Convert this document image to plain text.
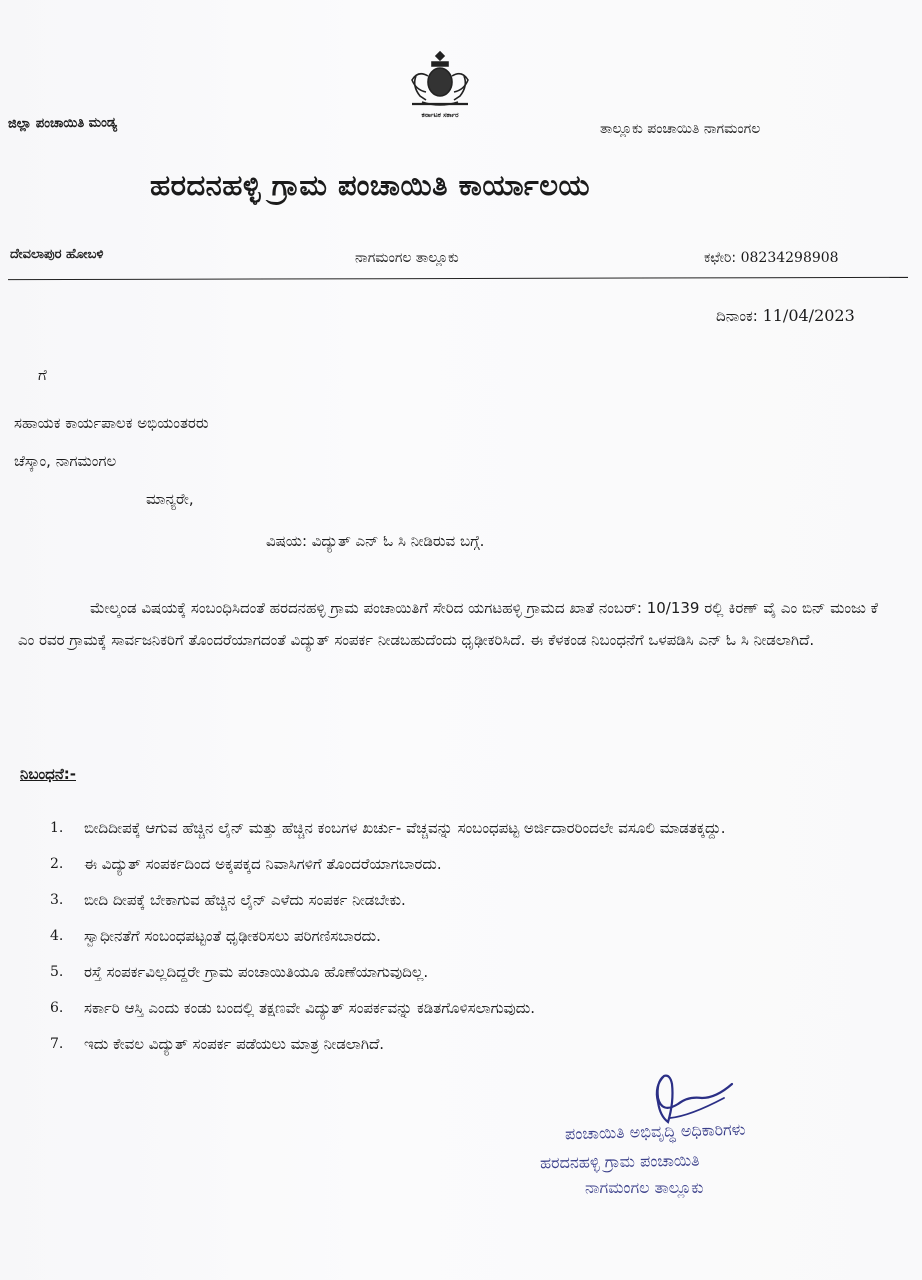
ಕರ್ನಾಟಕ ಸರ್ಕಾರ
ಜಿಲ್ಲಾ ಪಂಚಾಯಿತಿ ಮಂಡ್ಯ	ತಾಲ್ಲೂಕು ಪಂಚಾಯಿತಿ ನಾಗಮಂಗಲ
ಹರದನಹಳ್ಳಿ ಗ್ರಾಮ ಪಂಚಾಯಿತಿ ಕಾರ್ಯಾಲಯ
ದೇವಲಾಪುರ ಹೋಬಳಿ	ನಾಗಮಂಗಲ ತಾಲ್ಲೂಕು	ಕಛೇರಿ: 08234298908
ದಿನಾಂಕ: 11/04/2023
ಗೆ
ಸಹಾಯಕ ಕಾರ್ಯಪಾಲಕ ಅಭಿಯಂತರರು
ಚೆಸ್ಕಾಂ, ನಾಗಮಂಗಲ
ಮಾನ್ಯರೇ,
ವಿಷಯ: ವಿದ್ಯುತ್ ಎನ್ ಓ ಸಿ ನೀಡಿರುವ ಬಗ್ಗೆ.
ಮೇಲ್ಕಂಡ ವಿಷಯಕ್ಕೆ ಸಂಬಂಧಿಸಿದಂತೆ ಹರದನಹಳ್ಳಿ ಗ್ರಾಮ ಪಂಚಾಯಿತಿಗೆ ಸೇರಿದ ಯಗಟಹಳ್ಳಿ ಗ್ರಾಮದ ಖಾತೆ ನಂಬರ್: 10/139 ರಲ್ಲಿ ಕಿರಣ್ ವೈ ಎಂ ಬಿನ್ ಮಂಜು ಕೆ ಎಂ ರವರ ಗ್ರಾಮಕ್ಕೆ ಸಾರ್ವಜನಿಕರಿಗೆ ತೊಂದರೆಯಾಗದಂತೆ ವಿದ್ಯುತ್ ಸಂಪರ್ಕ ನೀಡಬಹುದೆಂದು ಧೃಢೀಕರಿಸಿದೆ. ಈ ಕೆಳಕಂಡ ನಿಬಂಧನೆಗೆ ಒಳಪಡಿಸಿ ಎನ್ ಓ ಸಿ ನೀಡಲಾಗಿದೆ.
ನಿಬಂಧನೆ:-
1.	ಬೀದಿದೀಪಕ್ಕೆ ಆಗುವ ಹೆಚ್ಚಿನ ಲೈನ್ ಮತ್ತು ಹೆಚ್ಚಿನ ಕಂಬಗಳ ಖರ್ಚು- ವೆಚ್ಚವನ್ನು ಸಂಬಂಧಪಟ್ಟ ಅರ್ಜಿದಾರರಿಂದಲೇ ವಸೂಲಿ ಮಾಡತಕ್ಕದ್ದು.
2.	ಈ ವಿದ್ಯುತ್ ಸಂಪರ್ಕದಿಂದ ಅಕ್ಕಪಕ್ಕದ ನಿವಾಸಿಗಳಿಗೆ ತೊಂದರೆಯಾಗಬಾರದು.
3.	ಬೀದಿ ದೀಪಕ್ಕೆ ಬೇಕಾಗುವ ಹೆಚ್ಚಿನ ಲೈನ್ ಎಳೆದು ಸಂಪರ್ಕ ನೀಡಬೇಕು.
4.	ಸ್ವಾಧೀನತೆಗೆ ಸಂಬಂಧಪಟ್ಟಂತೆ ಧೃಢೀಕರಿಸಲು ಪರಿಗಣಿಸಬಾರದು.
5.	ರಸ್ತೆ ಸಂಪರ್ಕವಿಲ್ಲದಿದ್ದರೇ ಗ್ರಾಮ ಪಂಚಾಯಿತಿಯೂ ಹೊಣೆಯಾಗುವುದಿಲ್ಲ.
6.	ಸರ್ಕಾರಿ ಆಸ್ತಿ ಎಂದು ಕಂಡು ಬಂದಲ್ಲಿ ತಕ್ಷಣವೇ ವಿದ್ಯುತ್ ಸಂಪರ್ಕವನ್ನು ಕಡಿತಗೊಳಿಸಲಾಗುವುದು.
7.	ಇದು ಕೇವಲ ವಿದ್ಯುತ್ ಸಂಪರ್ಕ ಪಡೆಯಲು ಮಾತ್ರ ನೀಡಲಾಗಿದೆ.
ಪಂಚಾಯಿತಿ ಅಭಿವೃದ್ಧಿ ಅಧಿಕಾರಿಗಳು
ಹರದನಹಳ್ಳಿ ಗ್ರಾಮ ಪಂಚಾಯಿತಿ
ನಾಗಮಂಗಲ ತಾಲ್ಲೂಕು
